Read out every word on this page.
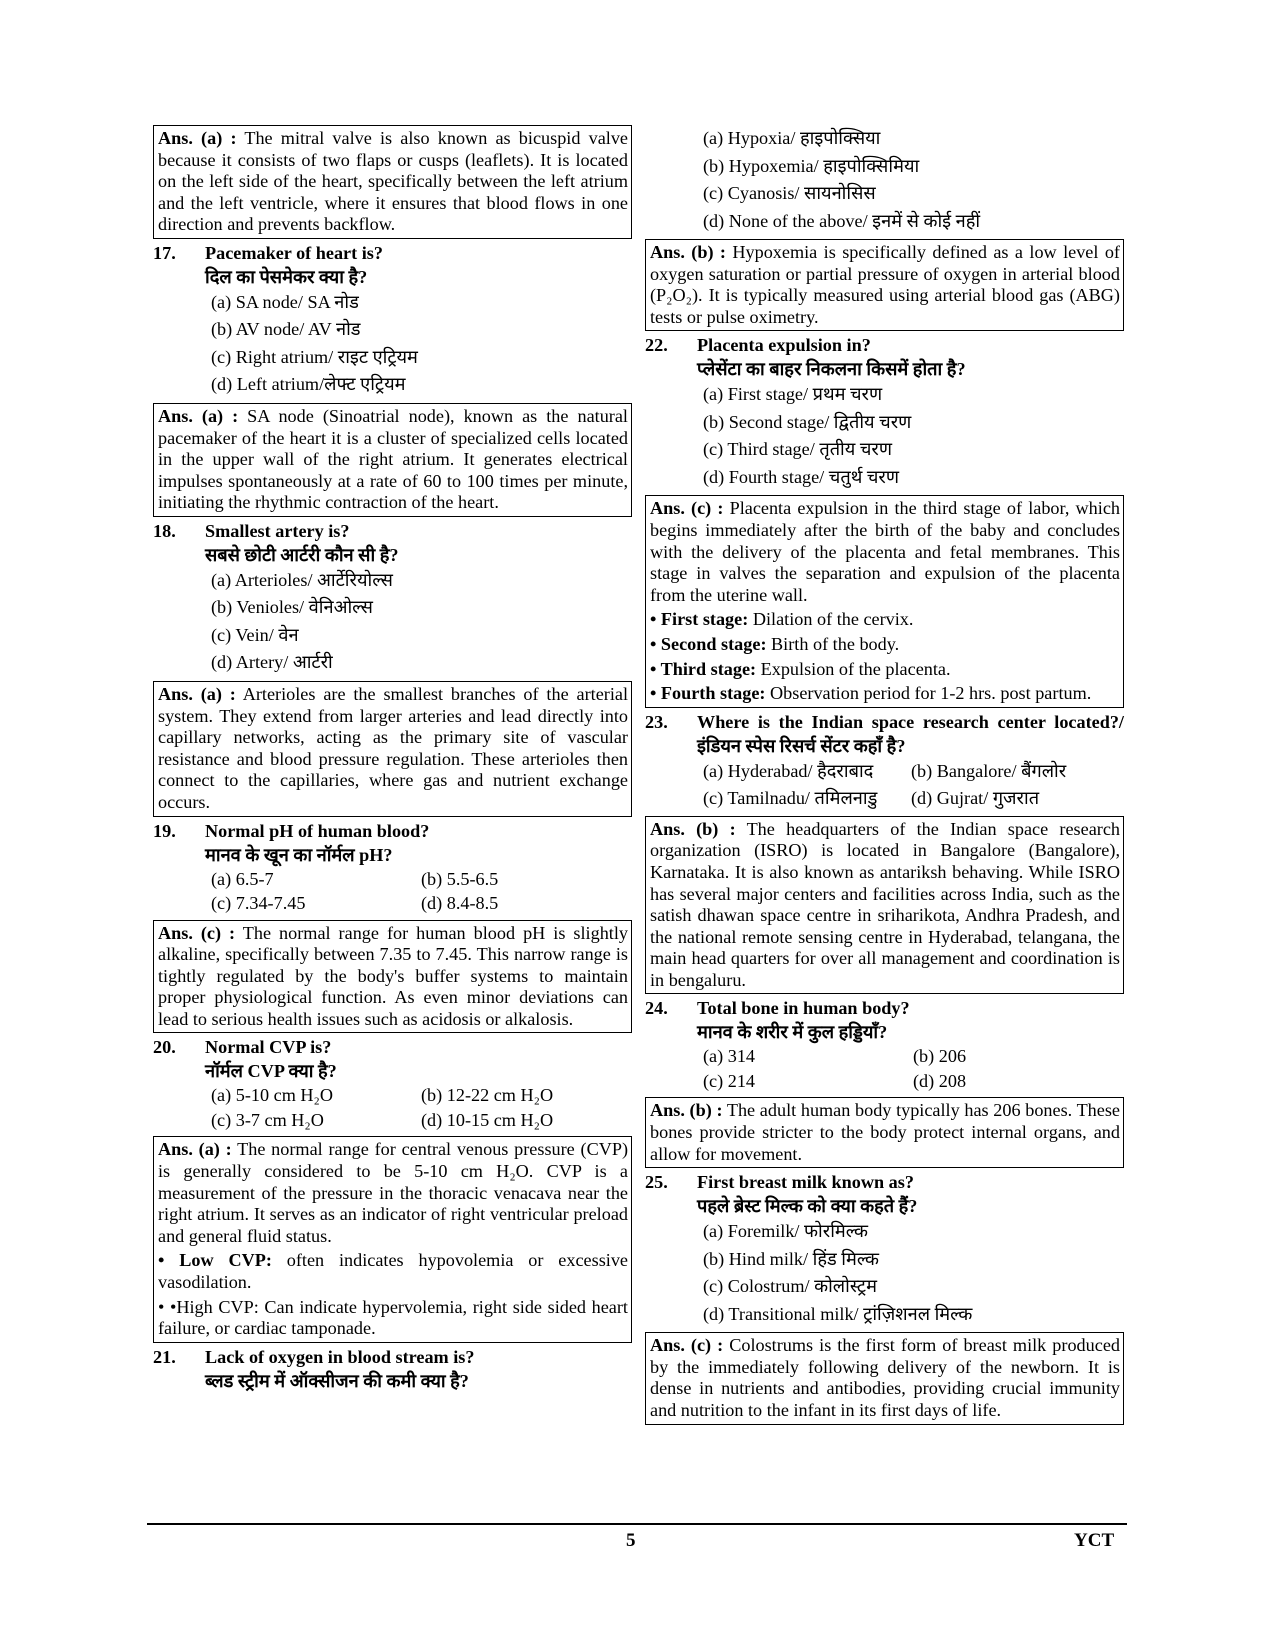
Ans. (a) : The mitral valve is also known as bicuspid valve because it consists of two flaps or cusps (leaflets). It is located on the left side of the heart, specifically between the left atrium and the left ventricle, where it ensures that blood flows in one direction and prevents backflow.
17.	Pacemaker of heart is?
दिल का पेसमेकर क्या है?
(a) SA node/ SA नोड
(b) AV node/ AV नोड
(c) Right atrium/ राइट एट्रियम
(d) Left atrium/लेफ्ट एट्रियम
Ans. (a) : SA node (Sinoatrial node), known as the natural pacemaker of the heart it is a cluster of specialized cells located in the upper wall of the right atrium. It generates electrical impulses spontaneously at a rate of 60 to 100 times per minute, initiating the rhythmic contraction of the heart.
18.	Smallest artery is?
सबसे छोटी आर्टरी कौन सी है?
(a) Arterioles/ आर्टेरियोल्स
(b) Venioles/ वेनिओल्स
(c) Vein/ वेन
(d) Artery/ आर्टरी
Ans. (a) : Arterioles are the smallest branches of the arterial system. They extend from larger arteries and lead directly into capillary networks, acting as the primary site of vascular resistance and blood pressure regulation. These arterioles then connect to the capillaries, where gas and nutrient exchange occurs.
19.	Normal pH of human blood?
मानव के खून का नॉर्मल pH?
(a) 6.5-7	(b) 5.5-6.5
(c) 7.34-7.45	(d) 8.4-8.5
Ans. (c) : The normal range for human blood pH is slightly alkaline, specifically between 7.35 to 7.45. This narrow range is tightly regulated by the body's buffer systems to maintain proper physiological function. As even minor deviations can lead to serious health issues such as acidosis or alkalosis.
20.	Normal CVP is?
नॉर्मल CVP क्या है?
(a) 5-10 cm H₂O	(b) 12-22 cm H₂O
(c) 3-7 cm H₂O	(d) 10-15 cm H₂O
Ans. (a) : The normal range for central venous pressure (CVP) is generally considered to be 5-10 cm H₂O. CVP is a measurement of the pressure in the thoracic venacava near the right atrium. It serves as an indicator of right ventricular preload and general fluid status.
• Low CVP: often indicates hypovolemia or excessive vasodilation.
• •High CVP: Can indicate hypervolemia, right side sided heart failure, or cardiac tamponade.
21.	Lack of oxygen in blood stream is?
ब्लड स्ट्रीम में ऑक्सीजन की कमी क्या है?
(a) Hypoxia/ हाइपोक्सिया
(b) Hypoxemia/ हाइपोक्सिमिया
(c) Cyanosis/ सायनोसिस
(d) None of the above/ इनमें से कोई नहीं
Ans. (b) : Hypoxemia is specifically defined as a low level of oxygen saturation or partial pressure of oxygen in arterial blood (P₂O₂). It is typically measured using arterial blood gas (ABG) tests or pulse oximetry.
22.	Placenta expulsion in?
प्लेसेंटा का बाहर निकलना किसमें होता है?
(a) First stage/ प्रथम चरण
(b) Second stage/ द्वितीय चरण
(c) Third stage/ तृतीय चरण
(d) Fourth stage/ चतुर्थ चरण
Ans. (c) : Placenta expulsion in the third stage of labor, which begins immediately after the birth of the baby and concludes with the delivery of the placenta and fetal membranes. This stage in valves the separation and expulsion of the placenta from the uterine wall.
• First stage: Dilation of the cervix.
• Second stage: Birth of the body.
• Third stage: Expulsion of the placenta.
• Fourth stage: Observation period for 1-2 hrs. post partum.
23.	Where is the Indian space research center located?/इंडियन स्पेस रिसर्च सेंटर कहाँ है?
(a) Hyderabad/ हैदराबाद	(b) Bangalore/ बैंगलोर
(c) Tamilnadu/ तमिलनाडु	(d) Gujrat/ गुजरात
Ans. (b) : The headquarters of the Indian space research organization (ISRO) is located in Bangalore (Bangalore), Karnataka. It is also known as antariksh behaving. While ISRO has several major centers and facilities across India, such as the satish dhawan space centre in sriharikota, Andhra Pradesh, and the national remote sensing centre in Hyderabad, telangana, the main head quarters for over all management and coordination is in bengaluru.
24.	Total bone in human body?
मानव के शरीर में कुल हड्डियाँ?
(a) 314	(b) 206
(c) 214	(d) 208
Ans. (b) : The adult human body typically has 206 bones. These bones provide stricter to the body protect internal organs, and allow for movement.
25.	First breast milk known as?
पहले ब्रेस्ट मिल्क को क्या कहते हैं?
(a) Foremilk/ फोरमिल्क
(b) Hind milk/ हिंड मिल्क
(c) Colostrum/ कोलोस्ट्रम
(d) Transitional milk/ ट्रांज़िशनल मिल्क
Ans. (c) : Colostrums is the first form of breast milk produced by the immediately following delivery of the newborn. It is dense in nutrients and antibodies, providing crucial immunity and nutrition to the infant in its first days of life.
5	YCT
